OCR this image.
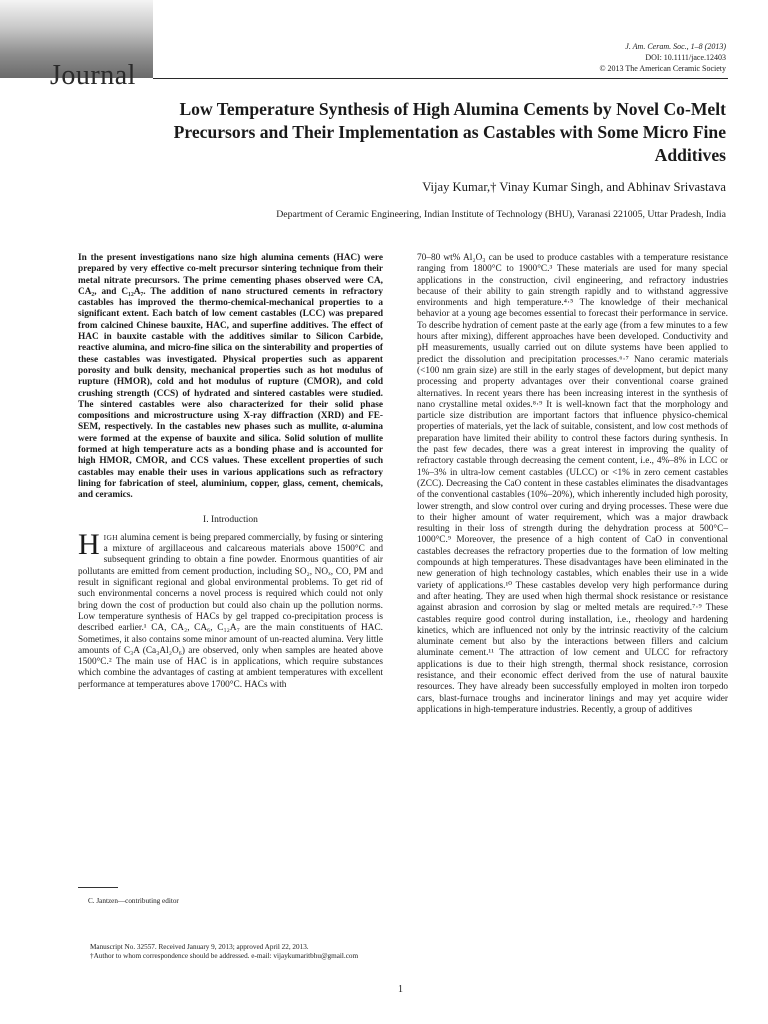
Journal
J. Am. Ceram. Soc., 1–8 (2013)
DOI: 10.1111/jace.12403
© 2013 The American Ceramic Society
Low Temperature Synthesis of High Alumina Cements by Novel Co-Melt Precursors and Their Implementation as Castables with Some Micro Fine Additives
Vijay Kumar,† Vinay Kumar Singh, and Abhinav Srivastava
Department of Ceramic Engineering, Indian Institute of Technology (BHU), Varanasi 221005, Uttar Pradesh, India

In the present investigations nano size high alumina cements (HAC) were prepared by very effective co-melt precursor sintering technique from their metal nitrate precursors. The prime cementing phases observed were CA, CA₂, and C₁₂A₇. The addition of nano structured cements in refractory castables has improved the thermo-chemical-mechanical properties to a significant extent. Each batch of low cement castables (LCC) was prepared from calcined Chinese bauxite, HAC, and superfine additives. The effect of HAC in bauxite castable with the additives similar to Silicon Carbide, reactive alumina, and micro-fine silica on the sinterability and properties of these castables was investigated. Physical properties such as apparent porosity and bulk density, mechanical properties such as hot modulus of rupture (HMOR), cold and hot modulus of rupture (CMOR), and cold crushing strength (CCS) of hydrated and sintered castables were studied. The sintered castables were also characterized for their solid phase compositions and microstructure using X-ray diffraction (XRD) and FE-SEM, respectively. In the castables new phases such as mullite, α-alumina were formed at the expense of bauxite and silica. Solid solution of mullite formed at high temperature acts as a bonding phase and is accounted for high HMOR, CMOR, and CCS values. These excellent properties of such castables may enable their uses in various applications such as refractory lining for fabrication of steel, aluminium, copper, glass, cement, chemicals, and ceramics.

I. Introduction

HIGH alumina cement is being prepared commercially, by fusing or sintering a mixture of argillaceous and calcareous materials above 1500°C and subsequent grinding to obtain a fine powder. Enormous quantities of air pollutants are emitted from cement production, including SO₂, NOₓ, CO, PM and result in significant regional and global environmental problems. To get rid of such environmental concerns a novel process is required which could not only bring down the cost of production but could also chain up the pollution norms. Low temperature synthesis of HACs by gel trapped co-precipitation process is described earlier.¹ CA, CA₂, CA₆, C₁₂A₇ are the main constituents of HAC. Sometimes, it also contains some minor amount of un-reacted alumina. Very little amounts of C₃A (Ca₃Al₂O₆) are observed, only when samples are heated above 1500°C.² The main use of HAC is in applications, which require substances which combine the advantages of casting at ambient temperatures with excellent performance at temperatures above 1700°C. HACs with

70–80 wt% Al₂O₃ can be used to produce castables with a temperature resistance ranging from 1800°C to 1900°C.³ These materials are used for many special applications in the construction, civil engineering, and refractory industries because of their ability to gain strength rapidly and to withstand aggressive environments and high temperature.⁴·⁵ The knowledge of their mechanical behavior at a young age becomes essential to forecast their performance in service. To describe hydration of cement paste at the early age (from a few minutes to a few hours after mixing), different approaches have been developed. Conductivity and pH measurements, usually carried out on dilute systems have been applied to predict the dissolution and precipitation processes.⁶·⁷ Nano ceramic materials (<100 nm grain size) are still in the early stages of development, but depict many processing and property advantages over their conventional coarse grained alternatives. In recent years there has been increasing interest in the synthesis of nano crystalline metal oxides.⁸·⁹ It is well-known fact that the morphology and particle size distribution are important factors that influence physico-chemical properties of materials, yet the lack of suitable, consistent, and low cost methods of preparation have limited their ability to control these factors during synthesis. In the past few decades, there was a great interest in improving the quality of refractory castable through decreasing the cement content, i.e., 4%–8% in LCC or 1%–3% in ultra-low cement castables (ULCC) or <1% in zero cement castables (ZCC). Decreasing the CaO content in these castables eliminates the disadvantages of the conventional castables (10%–20%), which inherently included high porosity, lower strength, and slow control over curing and drying processes. These were due to their higher amount of water requirement, which was a major drawback resulting in their loss of strength during the dehydration process at 500°C–1000°C.⁹ Moreover, the presence of a high content of CaO in conventional castables decreases the refractory properties due to the formation of low melting compounds at high temperatures. These disadvantages have been eliminated in the new generation of high technology castables, which enables their use in a wide variety of applications.¹⁰ These castables develop very high performance during and after heating. They are used when high thermal shock resistance or resistance against abrasion and corrosion by slag or melted metals are required.⁷·⁹ These castables require good control during installation, i.e., rheology and hardening kinetics, which are influenced not only by the intrinsic reactivity of the calcium aluminate cement but also by the interactions between fillers and calcium aluminate cement.¹¹ The attraction of low cement and ULCC for refractory applications is due to their high strength, thermal shock resistance, corrosion resistance, and their economic effect derived from the use of natural bauxite resources. They have already been successfully employed in molten iron torpedo cars, blast-furnace troughs and incinerator linings and may yet acquire wider applications in high-temperature industries. Recently, a group of additives

C. Jantzen—contributing editor
Manuscript No. 32557. Received January 9, 2013; approved April 22, 2013.
†Author to whom correspondence should be addressed. e-mail: vijaykumaritbhu@gmail.com
1
